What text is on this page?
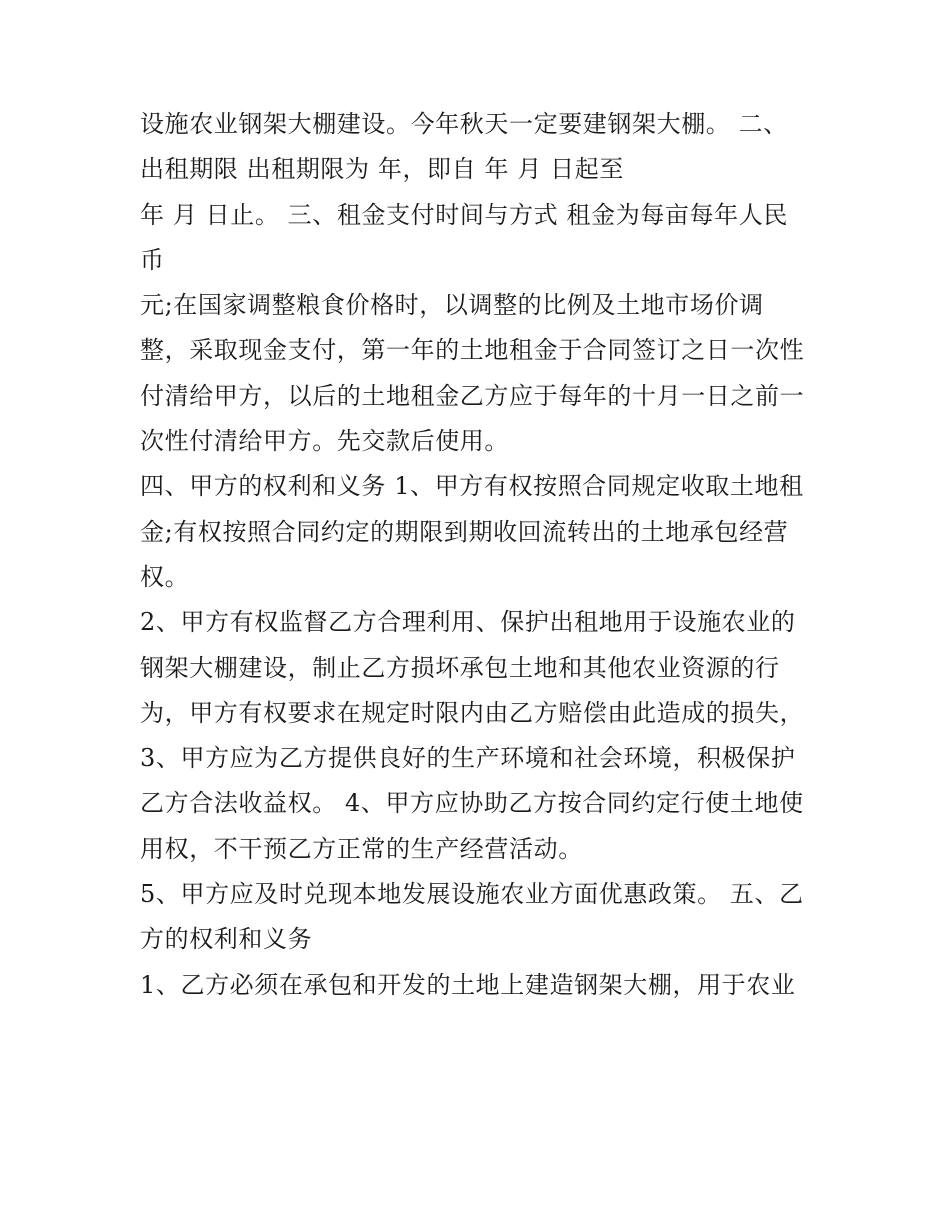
设施农业钢架大棚建设。今年秋天一定要建钢架大棚。 二、
出租期限 出租期限为 年，即自 年 月 日起至
年 月 日止。 三、租金支付时间与方式 租金为每亩每年人民
币
元;在国家调整粮食价格时，以调整的比例及土地市场价调
整，采取现金支付，第一年的土地租金于合同签订之日一次性
付清给甲方，以后的土地租金乙方应于每年的十月一日之前一
次性付清给甲方。先交款后使用。
四、甲方的权利和义务 1、甲方有权按照合同规定收取土地租
金;有权按照合同约定的期限到期收回流转出的土地承包经营
权。
2、甲方有权监督乙方合理利用、保护出租地用于设施农业的
钢架大棚建设，制止乙方损坏承包土地和其他农业资源的行
为，甲方有权要求在规定时限内由乙方赔偿由此造成的损失，
3、甲方应为乙方提供良好的生产环境和社会环境，积极保护
乙方合法收益权。 4、甲方应协助乙方按合同约定行使土地使
用权，不干预乙方正常的生产经营活动。
5、甲方应及时兑现本地发展设施农业方面优惠政策。 五、乙
方的权利和义务
1、乙方必须在承包和开发的土地上建造钢架大棚，用于农业
